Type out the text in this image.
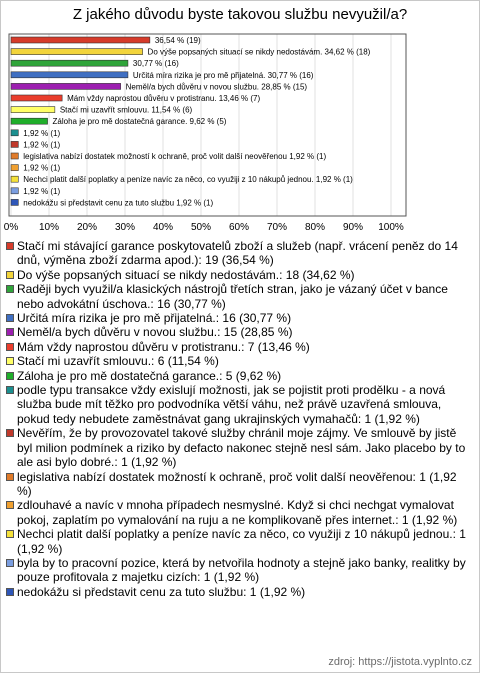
Z jakého důvodu byste takovou službu nevyužil/a?
36,54 % (19)
Do výše popsaných situací se nikdy nedostávám. 34,62 % (18)
30,77 % (16)
Určitá míra rizika je pro mě přijatelná. 30,77 % (16)
Neměl/a bych důvěru v novou službu. 28,85 % (15)
Mám vždy naprostou důvěru v protistranu. 13,46 % (7)
Stačí mi uzavřít smlouvu. 11,54 % (6)
Záloha je pro mě dostatečná garance. 9,62 % (5)
1,92 % (1)
1,92 % (1)
legislativa nabízí dostatek možností k ochraně, proč volit další neověřenou 1,92 % (1)
1,92 % (1)
Nechci platit další poplatky a peníze navíc za něco, co využiji z 10 nákupů jednou. 1,92 % (1)
1,92 % (1)
nedokážu si představit cenu za tuto službu 1,92 % (1)
0% 10% 20% 30% 40% 50% 60% 70% 80% 90% 100%
Stačí mi stávající garance poskytovatelů zboží a služeb (např. vrácení peněz do 14 dnů, výměna zboží zdarma apod.): 19 (36,54 %)
Do výše popsaných situací se nikdy nedostávám.: 18 (34,62 %)
Raději bych využil/a klasických nástrojů třetích stran, jako je vázaný účet v bance nebo advokátní úschova.: 16 (30,77 %)
Určitá míra rizika je pro mě přijatelná.: 16 (30,77 %)
Neměl/a bych důvěru v novou službu.: 15 (28,85 %)
Mám vždy naprostou důvěru v protistranu.: 7 (13,46 %)
Stačí mi uzavřít smlouvu.: 6 (11,54 %)
Záloha je pro mě dostatečná garance.: 5 (9,62 %)
podle typu transakce vždy exislují možnosti, jak se pojistit proti prodělku - a nová služba bude mít těžko pro podvodníka větší váhu, než právě uzavřená smlouva, pokud tedy nebudete zaměstnávat gang ukrajinských vymahačů: 1 (1,92 %)
Nevěřím, že by provozovatel takové služby chránil moje zájmy. Ve smlouvě by jistě byl milion podmínek a riziko by defacto nakonec stejně nesl sám. Jako placebo by to ale asi bylo dobré.: 1 (1,92 %)
legislativa nabízí dostatek možností k ochraně, proč volit další neověřenou: 1 (1,92 %)
zdlouhavé a navíc v mnoha případech nesmyslné. Když si chci nechgat vymalovat pokoj, zaplatím po vymalování na ruju a ne komplikovaně přes internet.: 1 (1,92 %)
Nechci platit další poplatky a peníze navíc za něco, co využiji z 10 nákupů jednou.: 1 (1,92 %)
byla by to pracovní pozice, která by netvořila hodnoty a stejně jako banky, realitky by pouze profitovala z majetku cizích: 1 (1,92 %)
nedokážu si představit cenu za tuto službu: 1 (1,92 %)
zdroj: https://jistota.vyplnto.cz
